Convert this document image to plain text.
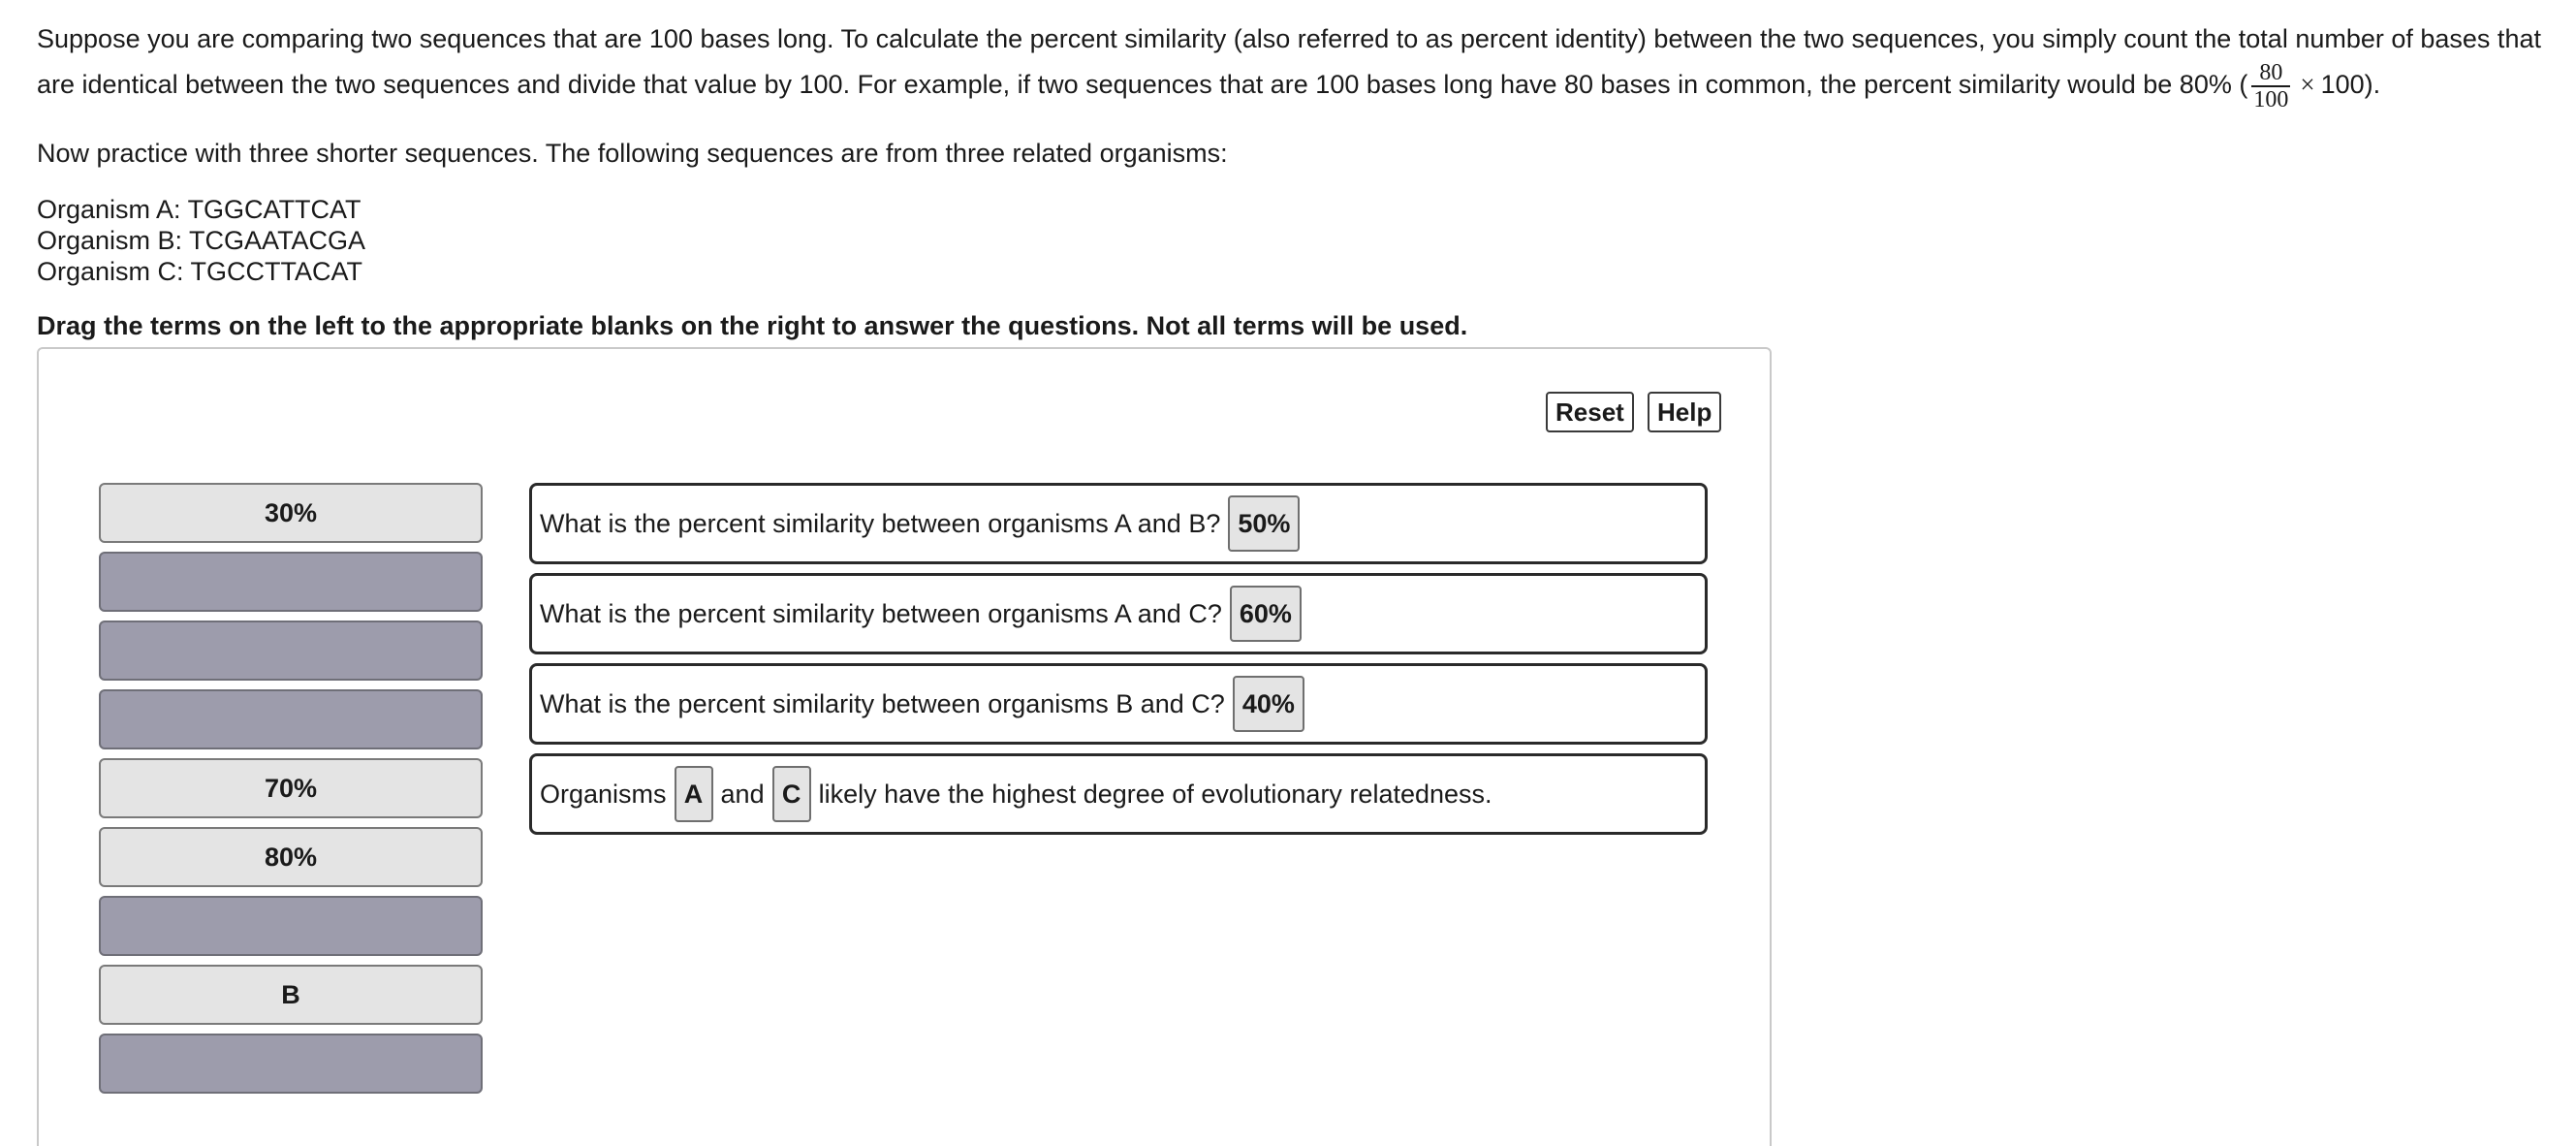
Suppose you are comparing two sequences that are 100 bases long. To calculate the percent similarity (also referred to as percent identity) between the two sequences, you simply count the total number of bases that are identical between the two sequences and divide that value by 100. For example, if two sequences that are 100 bases long have 80 bases in common, the percent similarity would be 80% ( $\frac{80}{100} \times 100$).

Now practice with three shorter sequences. The following sequences are from three related organisms:

Organism A: TGGCATTCAT
Organism B: TCGAATACGA
Organism C: TGCCTTACAT

Drag the terms on the left to the appropriate blanks on the right to answer the questions. Not all terms will be used.

Reset	Help
30%
70%
80%
B
What is the percent similarity between organisms A and B? 50%
What is the percent similarity between organisms A and C? 60%
What is the percent similarity between organisms B and C? 40%
Organisms A and C likely have the highest degree of evolutionary relatedness.
